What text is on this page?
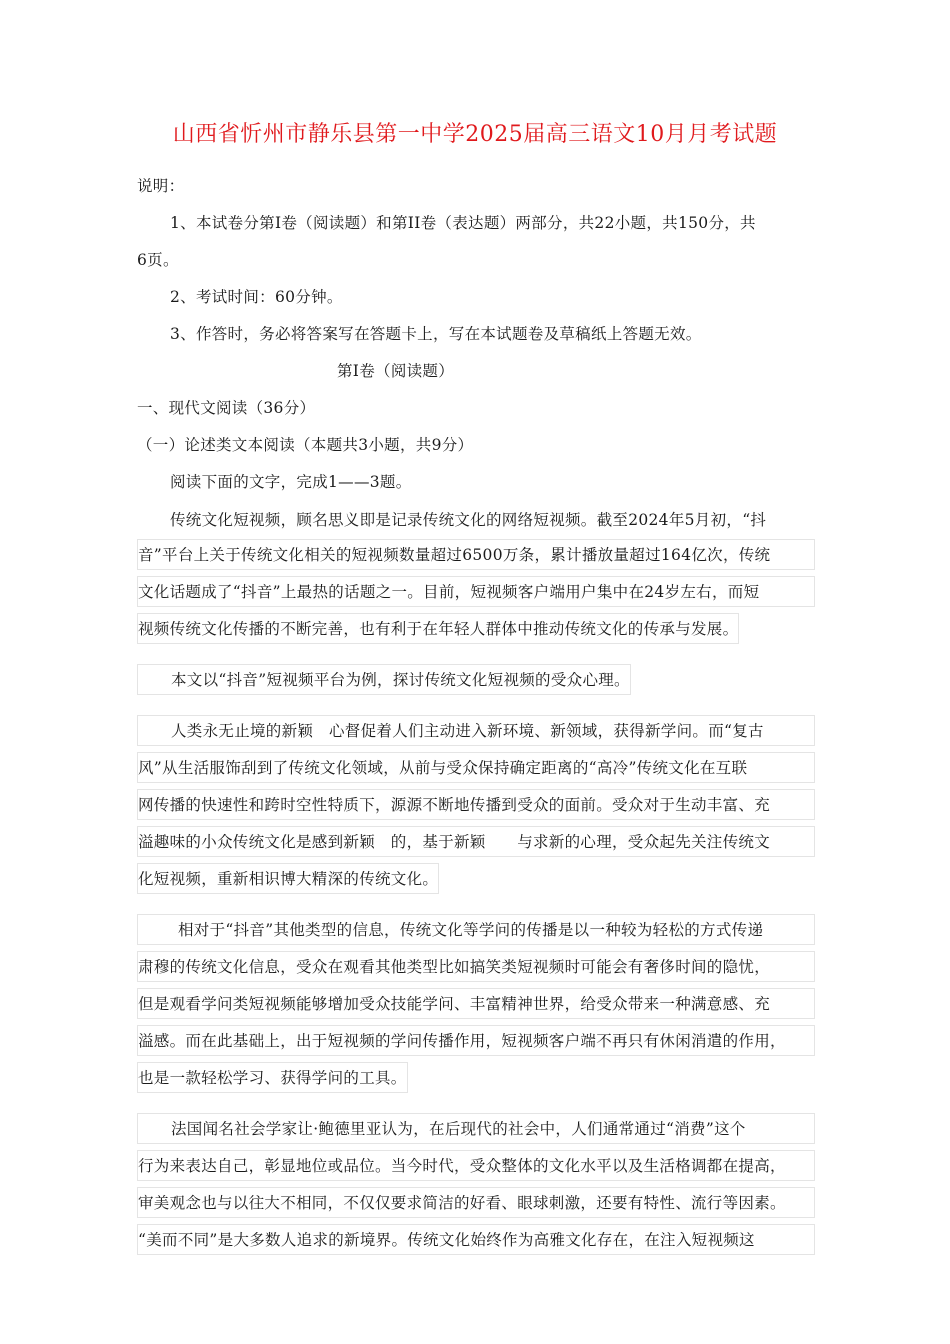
山西省忻州市静乐县第一中学2025届高三语文10月月考试题
说明：
1、本试卷分第Ⅰ卷（阅读题）和第II卷（表达题）两部分，共22小题，共150分，共
6页。
2、考试时间：60分钟。
3、作答时，务必将答案写在答题卡上，写在本试题卷及草稿纸上答题无效。
第Ⅰ卷（阅读题）
一、现代文阅读（36分）
（一）论述类文本阅读（本题共3小题，共9分）
阅读下面的文字，完成1——3题。
传统文化短视频，顾名思义即是记录传统文化的网络短视频。截至2024年5月初，“抖
音”平台上关于传统文化相关的短视频数量超过6500万条，累计播放量超过164亿次，传统
文化话题成了“抖音”上最热的话题之一。目前，短视频客户端用户集中在24岁左右，而短
视频传统文化传播的不断完善，也有利于在年轻人群体中推动传统文化的传承与发展。 本文以“抖音”短视频平台为例，探讨传统文化短视频的受众心理。
人类永无止境的新颖　心督促着人们主动进入新环境、新领域，获得新学问。而“复古
风”从生活服饰刮到了传统文化领域，从前与受众保持确定距离的“高冷”传统文化在互联
网传播的快速性和跨时空性特质下，源源不断地传播到受众的面前。受众对于生动丰富、充
溢趣味的小众传统文化是感到新颖　的，基于新颖　　与求新的心理，受众起先关注传统文
化短视频，重新相识博大精深的传统文化。
相对于“抖音”其他类型的信息，传统文化等学问的传播是以一种较为轻松的方式传递
肃穆的传统文化信息，受众在观看其他类型比如搞笑类短视频时可能会有奢侈时间的隐忧，
但是观看学问类短视频能够增加受众技能学问、丰富精神世界，给受众带来一种满意感、充
溢感。而在此基础上，出于短视频的学问传播作用，短视频客户端不再只有休闲消遣的作用，
也是一款轻松学习、获得学问的工具。
法国闻名社会学家让·鲍德里亚认为，在后现代的社会中，人们通常通过“消费”这个
行为来表达自己，彰显地位或品位。当今时代，受众整体的文化水平以及生活格调都在提高，
审美观念也与以往大不相同，不仅仅要求简洁的好看、眼球刺激，还要有特性、流行等因素。
“美而不同”是大多数人追求的新境界。传统文化始终作为高雅文化存在，在注入短视频这
